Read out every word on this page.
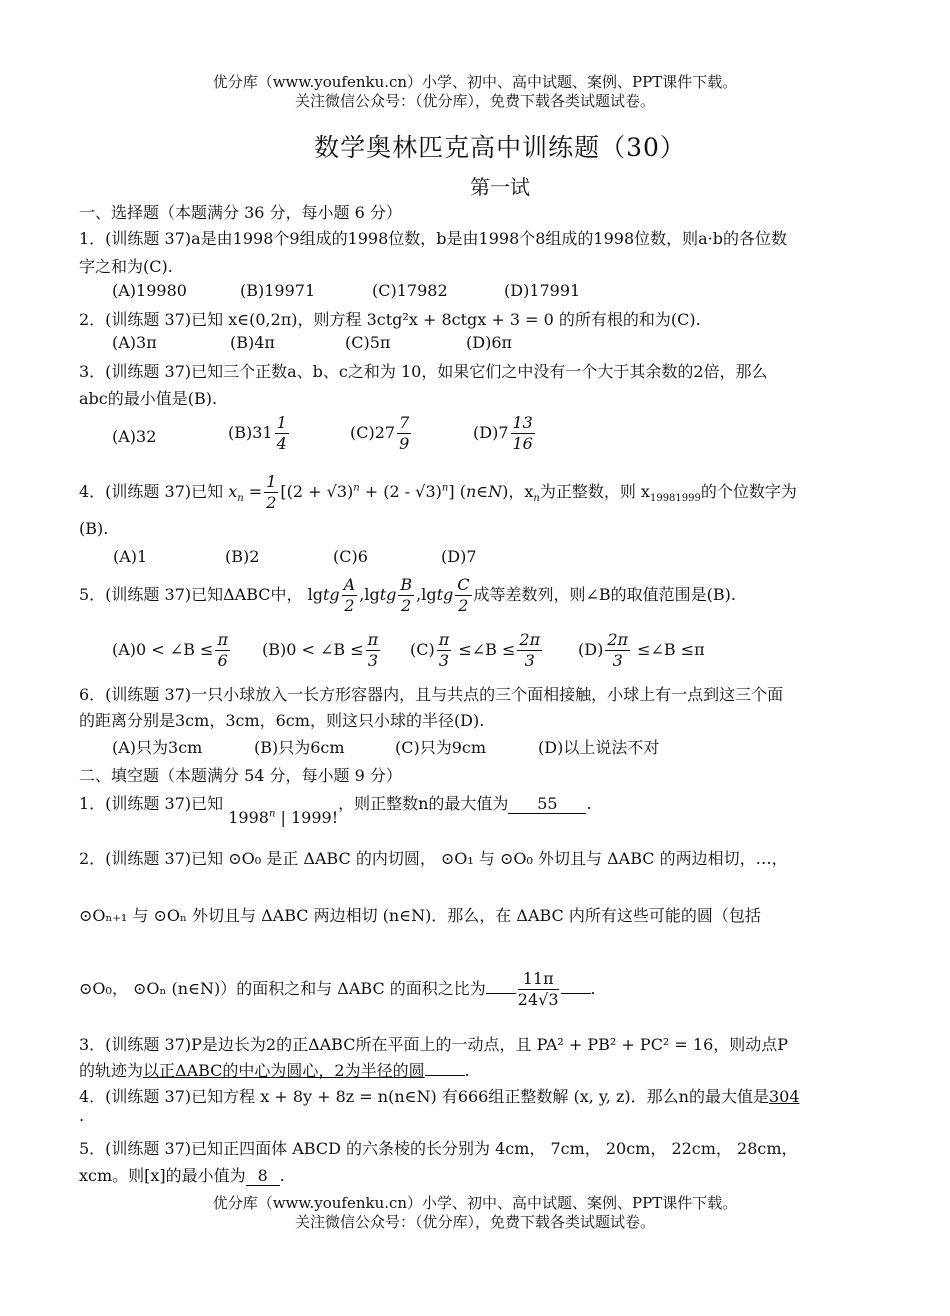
优分库（www.youfenku.cn）小学、初中、高中试题、案例、PPT课件下载。
关注微信公众号：（优分库），免费下载各类试题试卷。
数学奥林匹克高中训练题（30）
第一试
一、选择题（本题满分 36 分，每小题 6 分）
1．(训练题 37)a是由1998个9组成的1998位数，b是由1998个8组成的1998位数，则a·b的各位数
字之和为(C).
(A)19980	(B)19971	(C)17982	(D)17991
2．(训练题 37)已知 x∈(0,2π)，则方程 3ctg²x + 8ctgx + 3 = 0 的所有根的和为(C).
(A)3π	(B)4π	(C)5π	(D)6π
3．(训练题 37)已知三个正数a、b、c之和为 10，如果它们之中没有一个大于其余数的2倍，那么
abc的最小值是(B).
(A)32	$(B)31 \frac{1}{4}$	$(C)27 \frac{7}{9}$	$(D)7 \frac{13}{16}$
4．(训练题 37)已知 $x_n = \frac{1}{2} [(2 + √3)^n + (2 - √3)^n]$ (n∈N)，$x_n$为正整数，则 $x_{19981999}$的个位数字为
(B).
(A)1	(B)2	(C)6	(D)7
5．(训练题 37)已知ΔABC中， lgtg $\frac{A}{2}$ ,lgtg $\frac{B}{2}$ ,lgtg $\frac{C}{2}$ 成等差数列，则∠B的取值范围是(B).
(A)0 < ∠B ≤ $\frac{\pi}{6} (B)0$ < ∠B ≤ $\frac{\pi}{3} (C) \frac{\pi}{3}$ ≤∠B ≤ $\frac{2\pi}{3} (D) \frac{2\pi}{3}$ ≤∠B ≤π
6．(训练题 37)一只小球放入一长方形容器内，且与共点的三个面相接触，小球上有一点到这三个面
的距离分别是3cm，3cm，6cm，则这只小球的半径(D).
(A)只为3cm	(B)只为6cm	(C)只为9cm	(D)以上说法不对
二、填空题（本题满分 54 分，每小题 9 分）
1．(训练题 37)已知 1998$^n$ | 1999!，则正整数n的最大值为 55 .
2．(训练题 37)已知 ⊙O₀ 是正 ΔABC 的内切圆， ⊙O₁ 与 ⊙O₀ 外切且与 ΔABC 的两边相切，…，
⊙Oₙ₊₁ 与 ⊙Oₙ 外切且与 ΔABC 两边相切 (n∈N)．那么，在 ΔABC 内所有这些可能的圆（包括
⊙O₀， ⊙Oₙ (n∈N)）的面积之和与 ΔABC 的面积之比为 $\frac{11\pi}{24√3}$ .
3．(训练题 37)P是边长为2的正ΔABC所在平面上的一动点，且 PA² + PB² + PC² = 16，则动点P
的轨迹为以正ΔABC的中心为圆心，2为半径的圆	.
4．(训练题 37)已知方程 x + 8y + 8z = n(n∈N) 有666组正整数解 (x, y, z)．那么n的最大值是304
.
5．(训练题 37)已知正四面体 ABCD 的六条棱的长分别为 4cm， 7cm， 20cm， 22cm， 28cm，
xcm。则[x]的最小值为 8 .
优分库（www.youfenku.cn）小学、初中、高中试题、案例、PPT课件下载。
关注微信公众号：（优分库），免费下载各类试题试卷。
